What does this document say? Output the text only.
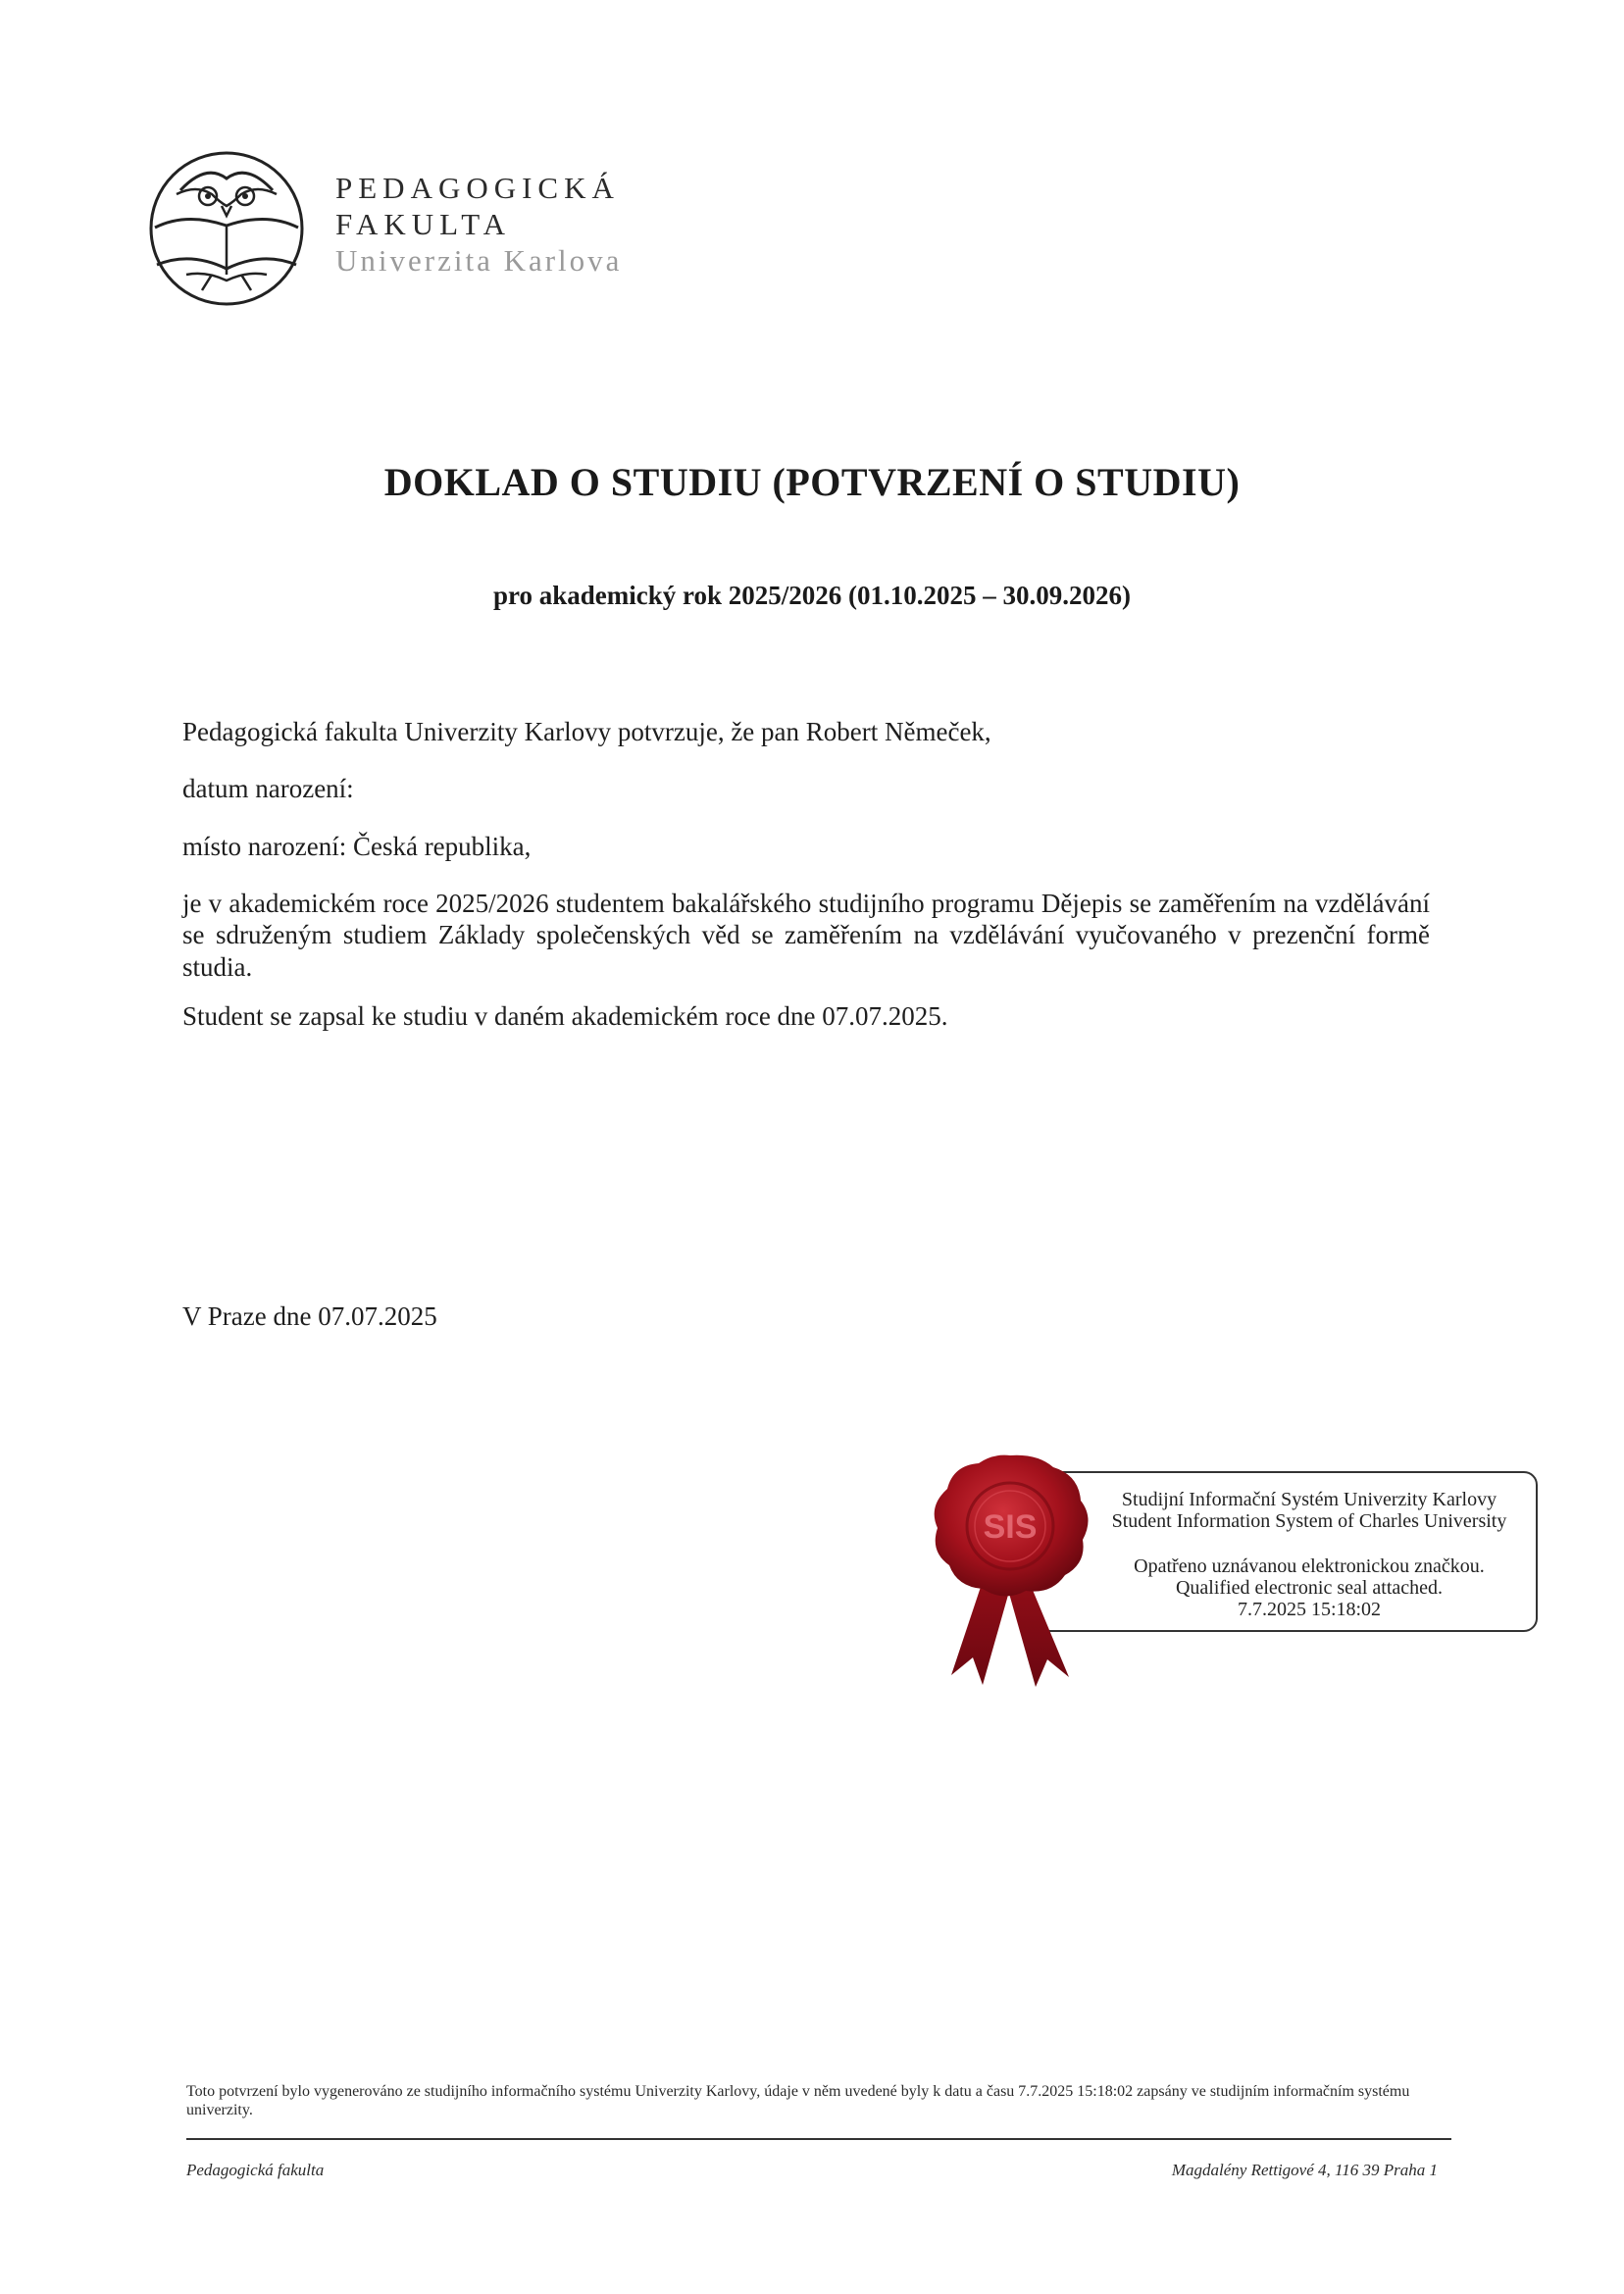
PEDAGOGICKÁ
FAKULTA
Univerzita Karlova
DOKLAD O STUDIU (POTVRZENÍ O STUDIU)
pro akademický rok 2025/2026 (01.10.2025 – 30.09.2026)
Pedagogická fakulta Univerzity Karlovy potvrzuje, že pan Robert Němeček,
datum narození:
místo narození: Česká republika,
je v akademickém roce 2025/2026 studentem bakalářského studijního programu Dějepis se zaměřením na vzdělávání se sdruženým studiem Základy společenských věd se zaměřením na vzdělávání vyučovaného v prezenční formě studia.
Student se zapsal ke studiu v daném akademickém roce dne 07.07.2025.
V Praze dne 07.07.2025
Studijní Informační Systém Univerzity Karlovy
Student Information System of Charles University
Opatřeno uznávanou elektronickou značkou.
Qualified electronic seal attached.
7.7.2025 15:18:02
SIS
Toto potvrzení bylo vygenerováno ze studijního informačního systému Univerzity Karlovy, údaje v něm uvedené byly k datu a času 7.7.2025 15:18:02 zapsány ve studijním informačním systému univerzity.
Pedagogická fakulta	Magdalény Rettigové 4, 116 39 Praha 1
